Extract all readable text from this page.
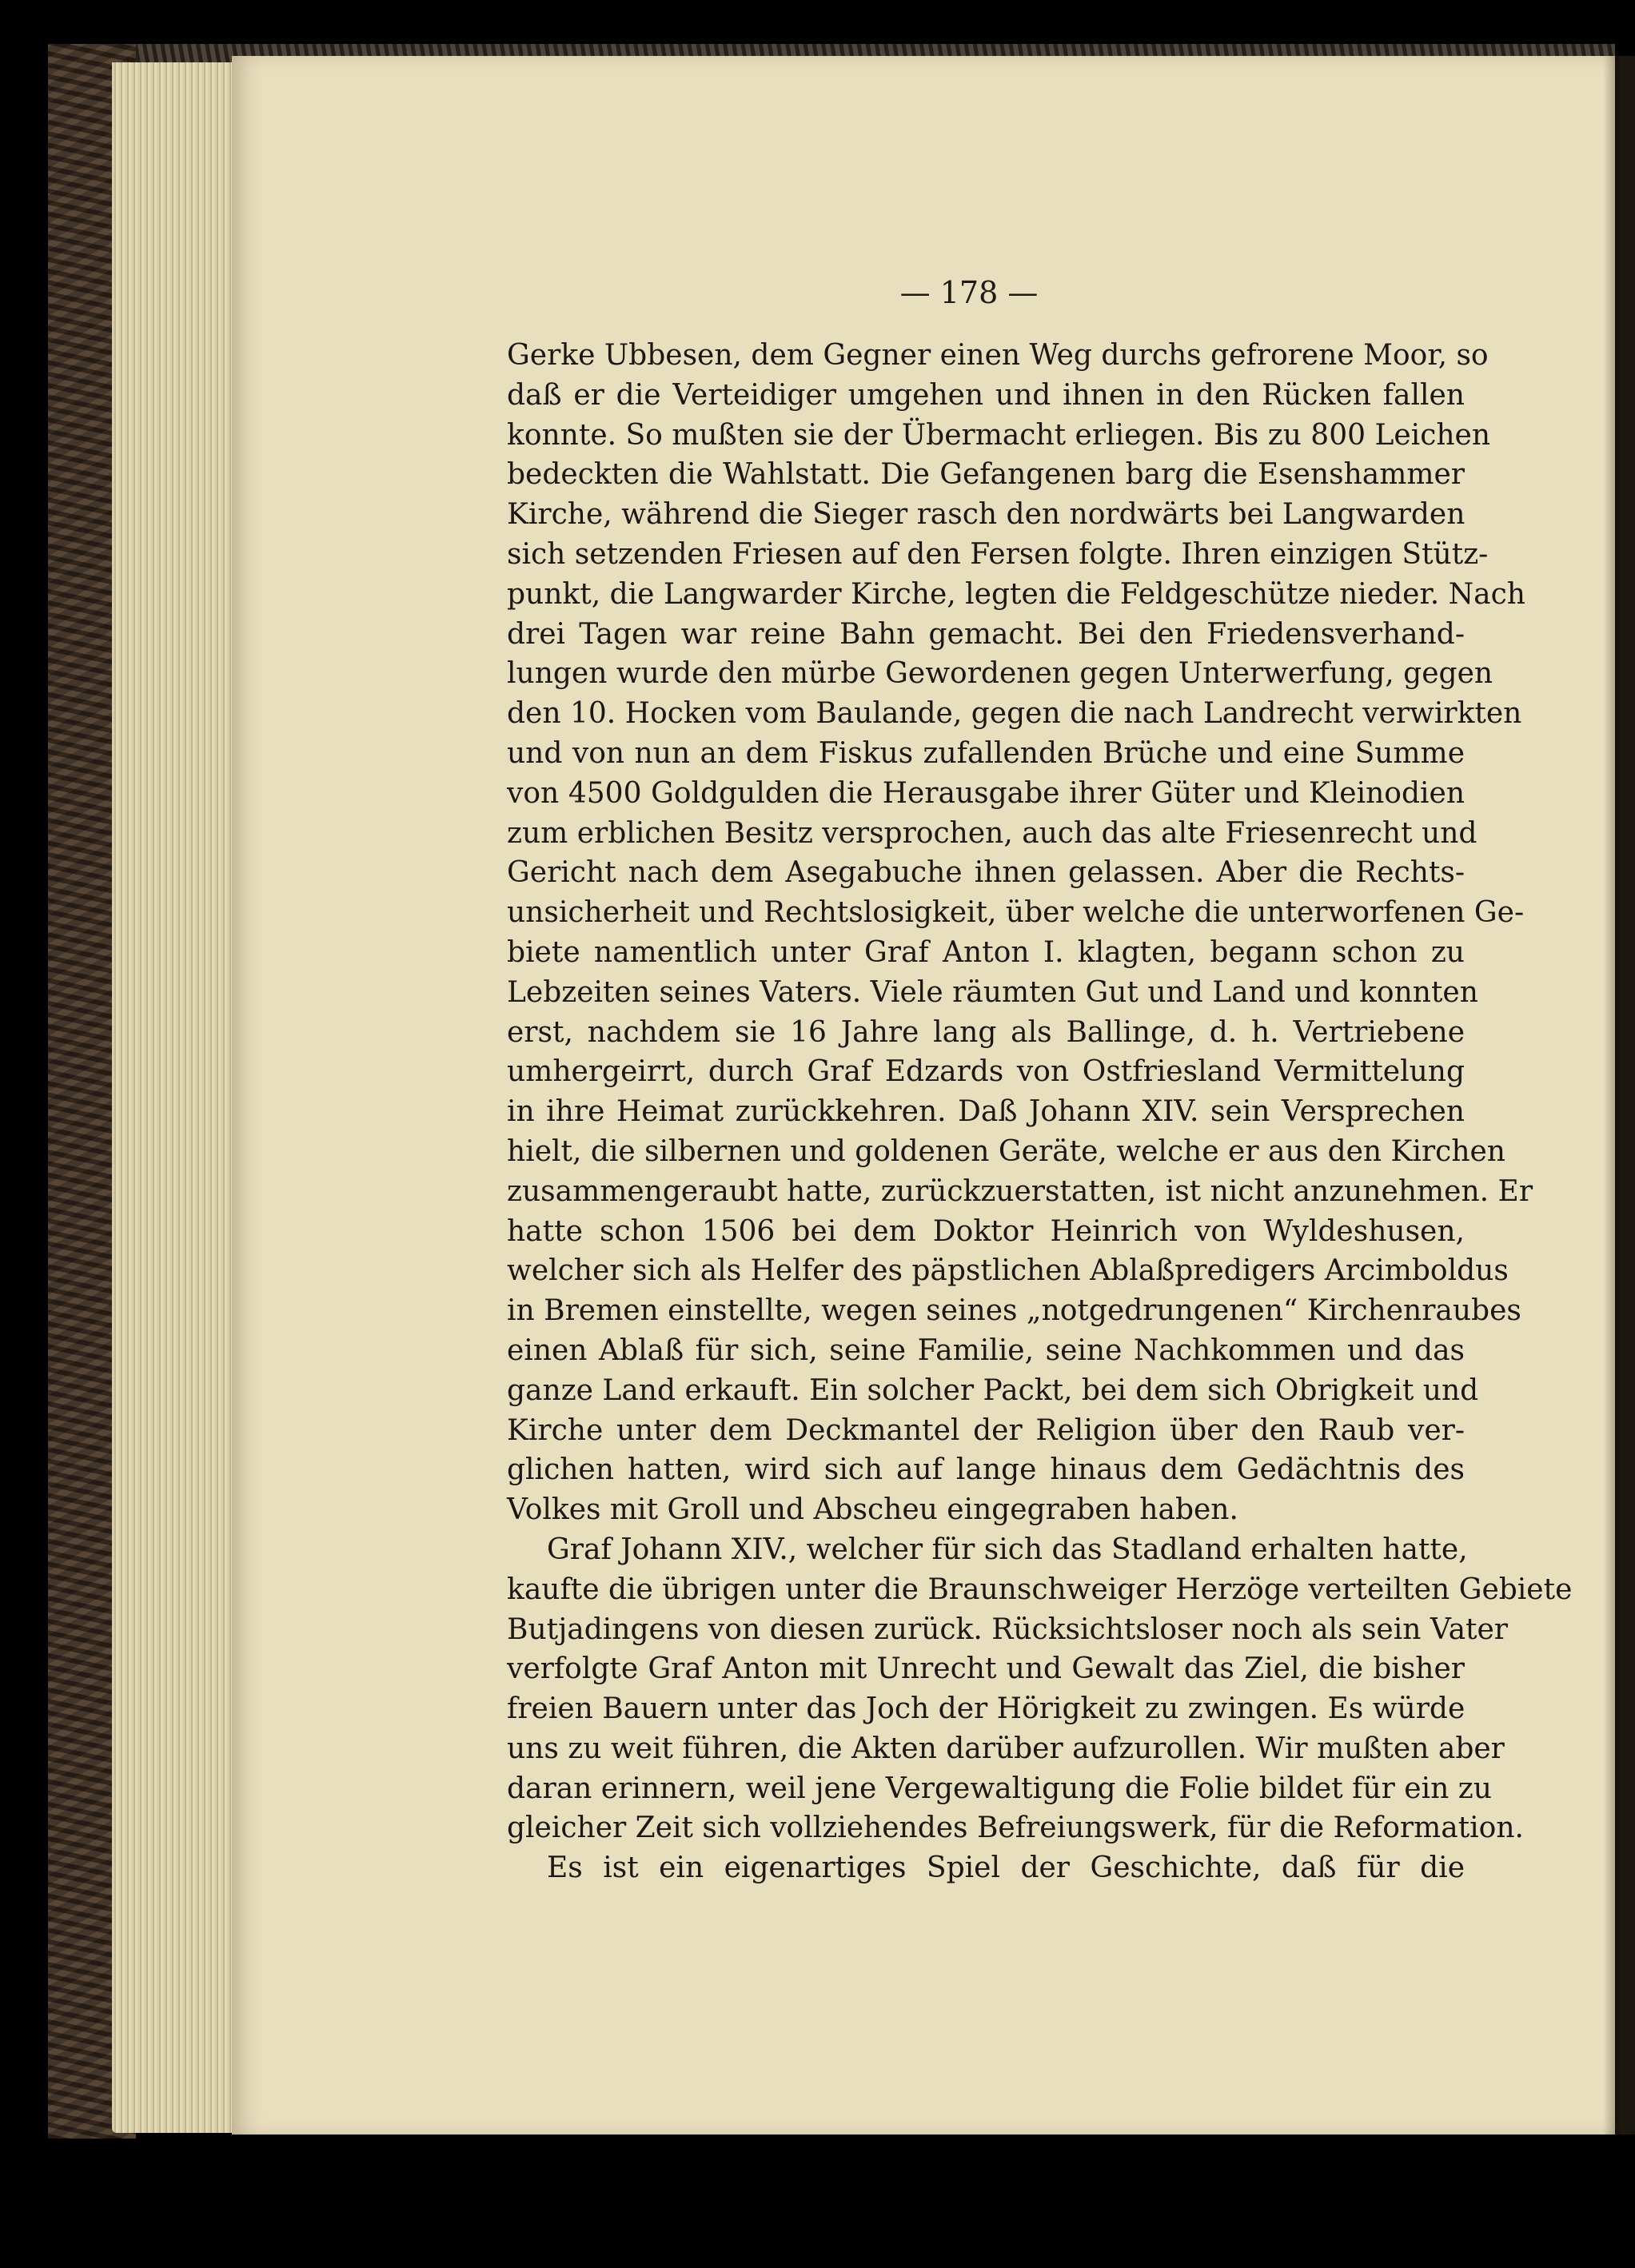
— 178 —
Gerke Ubbesen, dem Gegner einen Weg durchs gefrorene Moor, so
daß er die Verteidiger umgehen und ihnen in den Rücken fallen
konnte. So mußten sie der Übermacht erliegen. Bis zu 800 Leichen
bedeckten die Wahlstatt. Die Gefangenen barg die Esenshammer
Kirche, während die Sieger rasch den nordwärts bei Langwarden
sich setzenden Friesen auf den Fersen folgte. Ihren einzigen Stütz-
punkt, die Langwarder Kirche, legten die Feldgeschütze nieder. Nach
drei Tagen war reine Bahn gemacht. Bei den Friedensverhand-
lungen wurde den mürbe Gewordenen gegen Unterwerfung, gegen
den 10. Hocken vom Baulande, gegen die nach Landrecht verwirkten
und von nun an dem Fiskus zufallenden Brüche und eine Summe
von 4500 Goldgulden die Herausgabe ihrer Güter und Kleinodien
zum erblichen Besitz versprochen, auch das alte Friesenrecht und
Gericht nach dem Asegabuche ihnen gelassen. Aber die Rechts-
unsicherheit und Rechtslosigkeit, über welche die unterworfenen Ge-
biete namentlich unter Graf Anton I. klagten, begann schon zu
Lebzeiten seines Vaters. Viele räumten Gut und Land und konnten
erst, nachdem sie 16 Jahre lang als Ballinge, d. h. Vertriebene
umhergeirrt, durch Graf Edzards von Ostfriesland Vermittelung
in ihre Heimat zurückkehren. Daß Johann XIV. sein Versprechen
hielt, die silbernen und goldenen Geräte, welche er aus den Kirchen
zusammengeraubt hatte, zurückzuerstatten, ist nicht anzunehmen. Er
hatte schon 1506 bei dem Doktor Heinrich von Wyldeshusen,
welcher sich als Helfer des päpstlichen Ablaßpredigers Arcimboldus
in Bremen einstellte, wegen seines „notgedrungenen“ Kirchenraubes
einen Ablaß für sich, seine Familie, seine Nachkommen und das
ganze Land erkauft. Ein solcher Packt, bei dem sich Obrigkeit und
Kirche unter dem Deckmantel der Religion über den Raub ver-
glichen hatten, wird sich auf lange hinaus dem Gedächtnis des
Volkes mit Groll und Abscheu eingegraben haben.
Graf Johann XIV., welcher für sich das Stadland erhalten hatte,
kaufte die übrigen unter die Braunschweiger Herzöge verteilten Gebiete
Butjadingens von diesen zurück. Rücksichtsloser noch als sein Vater
verfolgte Graf Anton mit Unrecht und Gewalt das Ziel, die bisher
freien Bauern unter das Joch der Hörigkeit zu zwingen. Es würde
uns zu weit führen, die Akten darüber aufzurollen. Wir mußten aber
daran erinnern, weil jene Vergewaltigung die Folie bildet für ein zu
gleicher Zeit sich vollziehendes Befreiungswerk, für die Reformation.
Es ist ein eigenartiges Spiel der Geschichte, daß für die
